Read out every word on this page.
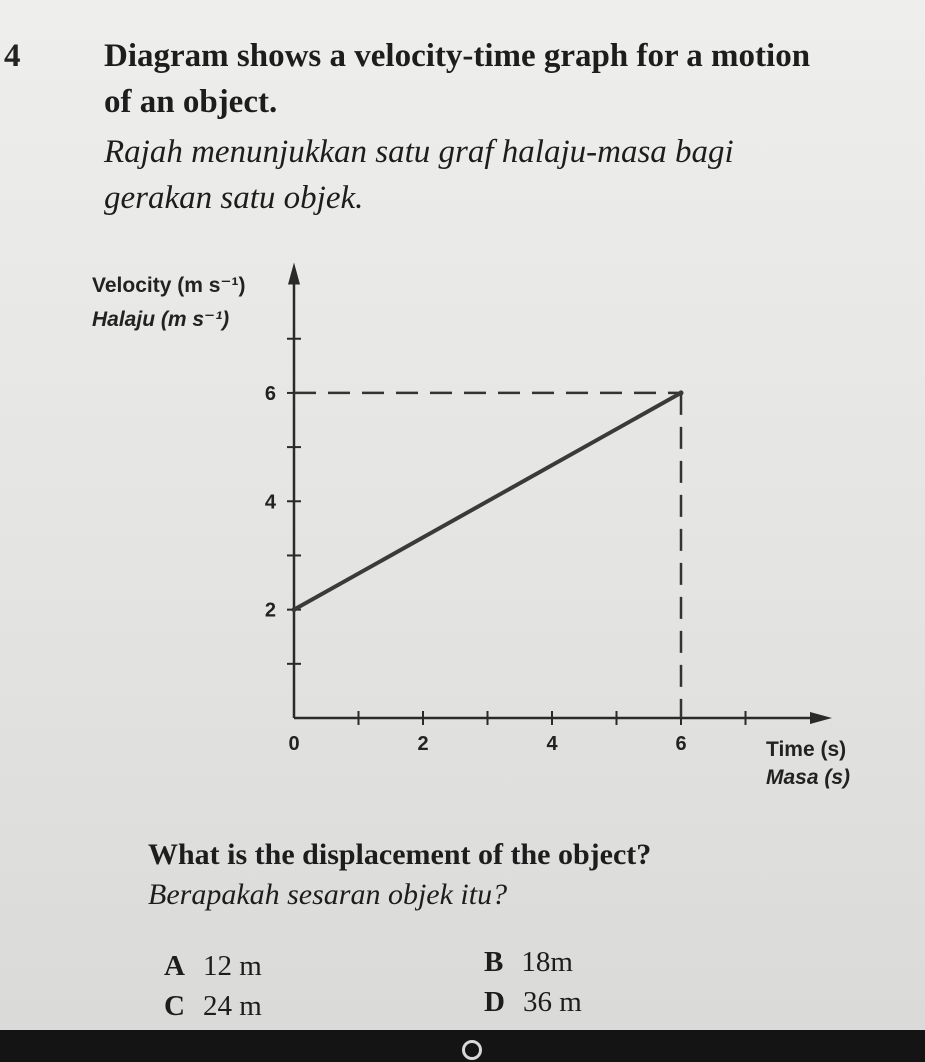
4	Diagram shows a velocity-time graph for a motion
of an object.
Rajah menunjukkan satu graf halaju-masa bagi
gerakan satu objek.
Velocity (m s⁻¹)
Halaju (m s⁻¹)
Time (s)
Masa (s)
0	2	4	6
2
4
6
What is the displacement of the object?
Berapakah sesaran objek itu?
A 12 m	B 18m
C 24 m	D 36 m
